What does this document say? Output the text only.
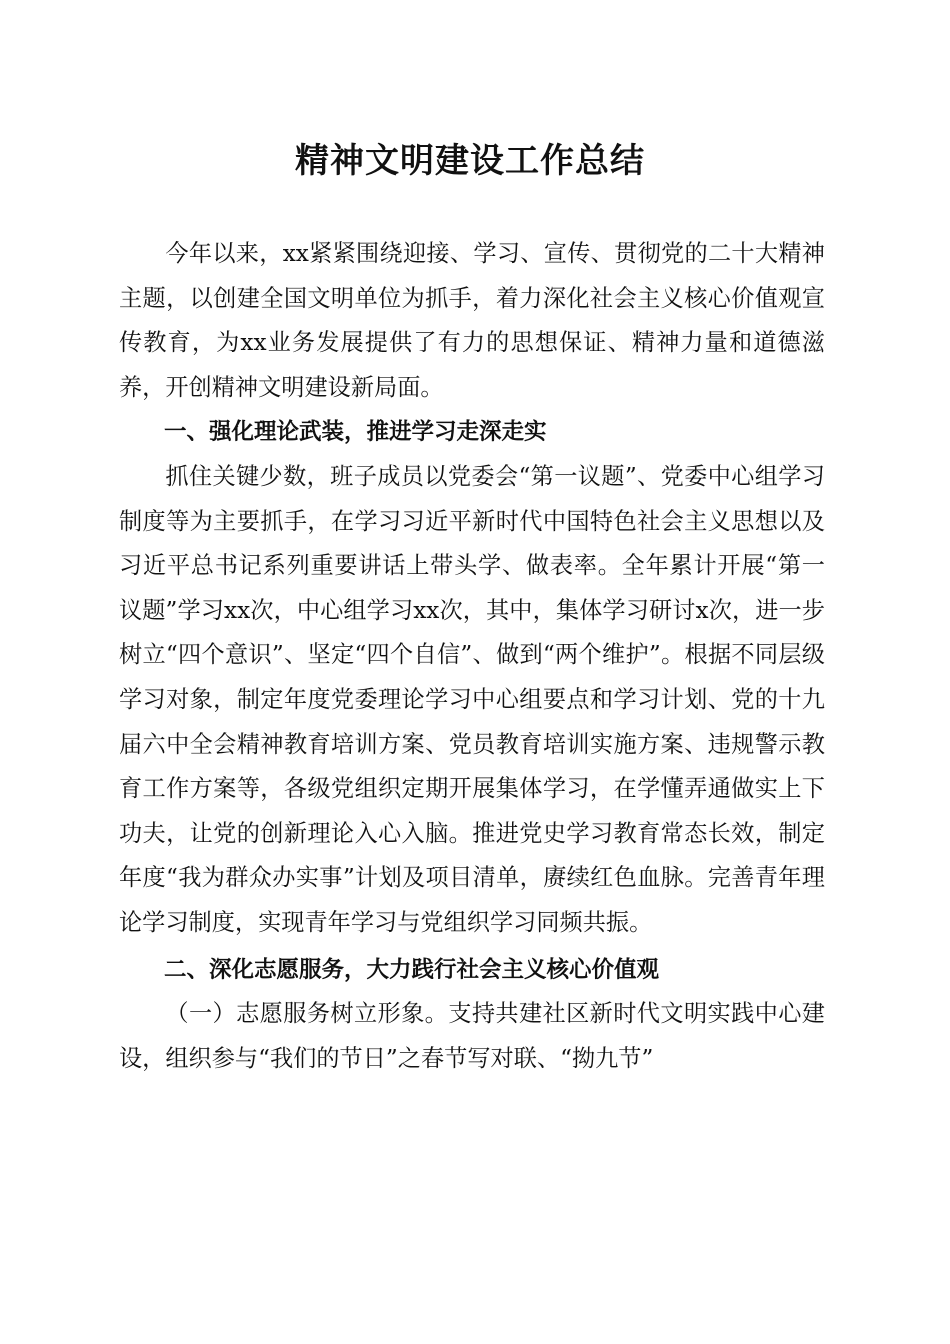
精神文明建设工作总结

今年以来，xx紧紧围绕迎接、学习、宣传、贯彻党的二十大精神主题，以创建全国文明单位为抓手，着力深化社会主义核心价值观宣传教育，为xx业务发展提供了有力的思想保证、精神力量和道德滋养，开创精神文明建设新局面。

一、强化理论武装，推进学习走深走实

抓住关键少数，班子成员以党委会“第一议题”、党委中心组学习制度等为主要抓手，在学习习近平新时代中国特色社会主义思想以及习近平总书记系列重要讲话上带头学、做表率。全年累计开展“第一议题”学习xx次，中心组学习xx次，其中，集体学习研讨x次，进一步树立“四个意识”、坚定“四个自信”、做到“两个维护”。根据不同层级学习对象，制定年度党委理论学习中心组要点和学习计划、党的十九届六中全会精神教育培训方案、党员教育培训实施方案、违规警示教育工作方案等，各级党组织定期开展集体学习，在学懂弄通做实上下功夫，让党的创新理论入心入脑。推进党史学习教育常态长效，制定年度“我为群众办实事”计划及项目清单，赓续红色血脉。完善青年理论学习制度，实现青年学习与党组织学习同频共振。

二、深化志愿服务，大力践行社会主义核心价值观

（一）志愿服务树立形象。支持共建社区新时代文明实践中心建设，组织参与“我们的节日”之春节写对联、“拗九节”
